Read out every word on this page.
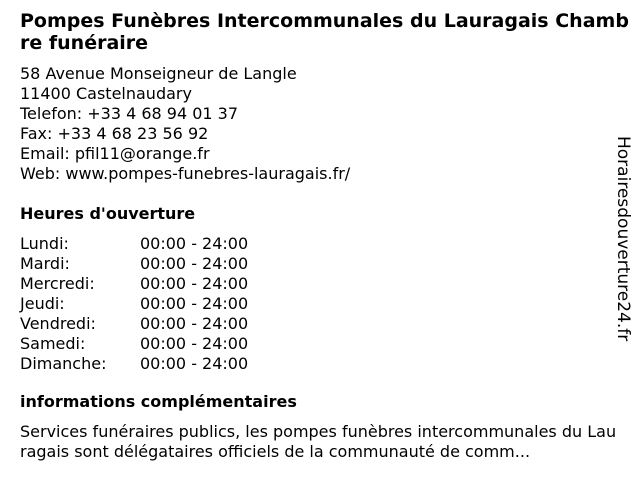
Pompes Funèbres Intercommunales du Lauragais Chambre funéraire
58 Avenue Monseigneur de Langle
11400 Castelnaudary
Telefon: +33 4 68 94 01 37
Fax: +33 4 68 23 56 92
Email: pfil11@orange.fr
Web: www.pompes-funebres-lauragais.fr/
Heures d'ouverture
Lundi:	00:00 - 24:00
Mardi:	00:00 - 24:00
Mercredi:	00:00 - 24:00
Jeudi:	00:00 - 24:00
Vendredi:	00:00 - 24:00
Samedi:	00:00 - 24:00
Dimanche:	00:00 - 24:00
informations complémentaires
Services funéraires publics, les pompes funèbres intercommunales du Lauragais sont délégataires officiels de la communauté de comm...
Horairesdouverture24.fr
